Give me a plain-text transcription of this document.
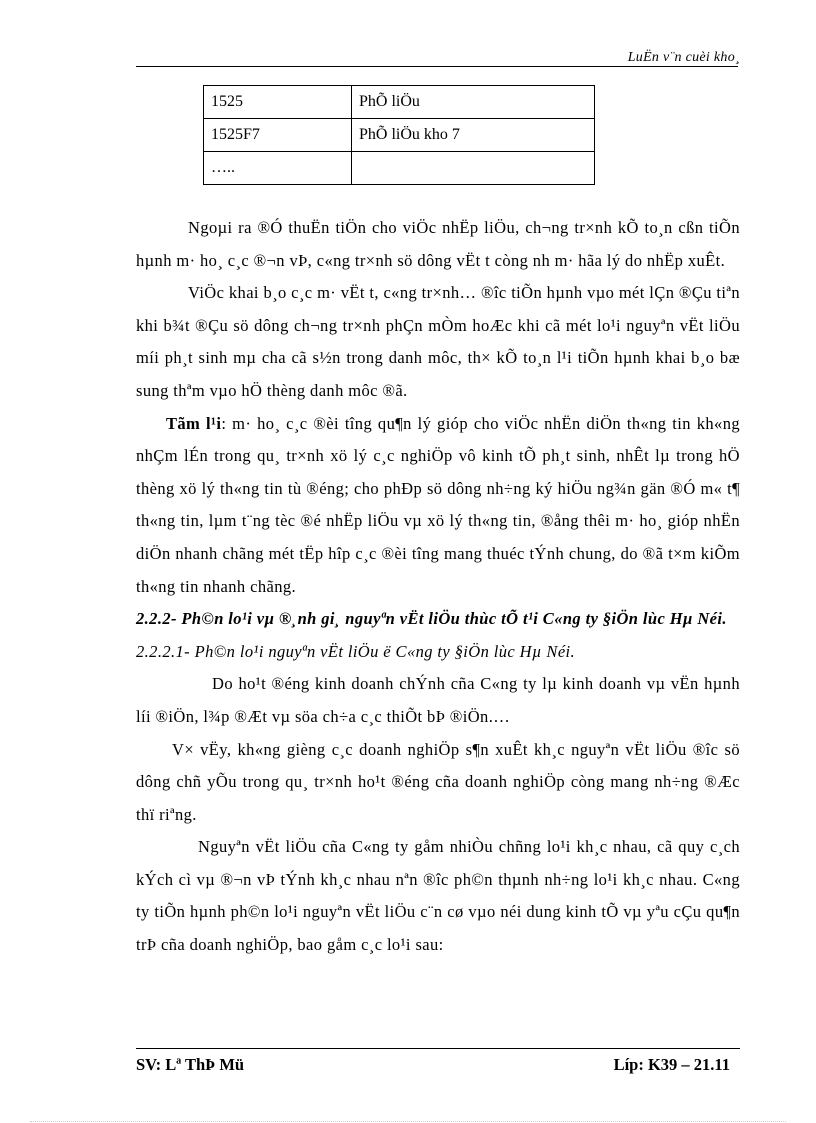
LuËn v¨n cuèi kho¸
1525	PhÕ liÖu
1525F7	PhÕ liÖu kho 7
…..	

Ngoµi ra ®Ó thuËn tiÖn cho viÖc nhËp liÖu, ch¬ng tr×nh kÕ to¸n cßn tiÕn hµnh m· ho¸ c¸c ®¬n vÞ, c«ng tr×nh sö dông vËt t còng nh m· hãa lý do nhËp xuÊt.

ViÖc khai b¸o c¸c m· vËt t, c«ng tr×nh… ®îc tiÕn hµnh vµo mét lÇn ®Çu tiªn khi b¾t ®Çu sö dông ch¬ng tr×nh phÇn mÒm hoÆc khi cã mét lo¹i nguyªn vËt liÖu míi ph¸t sinh mµ cha cã s½n trong danh môc, th× kÕ to¸n l¹i tiÕn hµnh khai b¸o bæ sung thªm vµo hÖ thèng danh môc ®ã.

Tãm l¹i: m· ho¸ c¸c ®èi tîng qu¶n lý gióp cho viÖc nhËn diÖn th«ng tin kh«ng nhÇm lÉn trong qu¸ tr×nh xö lý c¸c nghiÖp vô kinh tÕ ph¸t sinh, nhÊt lµ trong hÖ thèng xö lý th«ng tin tù ®éng; cho phÐp sö dông nh÷ng ký hiÖu ng¾n gän ®Ó m« t¶ th«ng tin, lµm t¨ng tèc ®é nhËp liÖu vµ xö lý th«ng tin, ®ång thêi m· ho¸ gióp nhËn diÖn nhanh chãng mét tËp hîp c¸c ®èi tîng mang thuéc tÝnh chung, do ®ã t×m kiÕm th«ng tin nhanh chãng.

2.2.2- Ph©n lo¹i vµ ®¸nh gi¸ nguyªn vËt liÖu thùc tÕ t¹i C«ng ty §iÖn lùc Hµ Néi.

2.2.2.1- Ph©n lo¹i nguyªn vËt liÖu ë C«ng ty §iÖn lùc Hµ Néi.

Do ho¹t ®éng kinh doanh chÝnh cña C«ng ty lµ kinh doanh vµ vËn hµnh líi ®iÖn, l¾p ®Æt vµ söa ch÷a c¸c thiÕt bÞ ®iÖn.…

V× vËy, kh«ng gièng c¸c doanh nghiÖp s¶n xuÊt kh¸c nguyªn vËt liÖu ®îc sö dông chñ yÕu trong qu¸ tr×nh ho¹t ®éng cña doanh nghiÖp còng mang nh÷ng ®Æc thï riªng.

Nguyªn vËt liÖu cña C«ng ty gåm nhiÒu chñng lo¹i kh¸c nhau, cã quy c¸ch kÝch cì vµ ®¬n vÞ tÝnh kh¸c nhau nªn ®îc ph©n thµnh nh÷ng lo¹i kh¸c nhau. C«ng ty tiÕn hµnh ph©n lo¹i nguyªn vËt liÖu c¨n cø vµo néi dung kinh tÕ vµ yªu cÇu qu¶n trÞ cña doanh nghiÖp, bao gåm c¸c lo¹i sau:

SV: Lª ThÞ Mü	Líp: K39 – 21.11
